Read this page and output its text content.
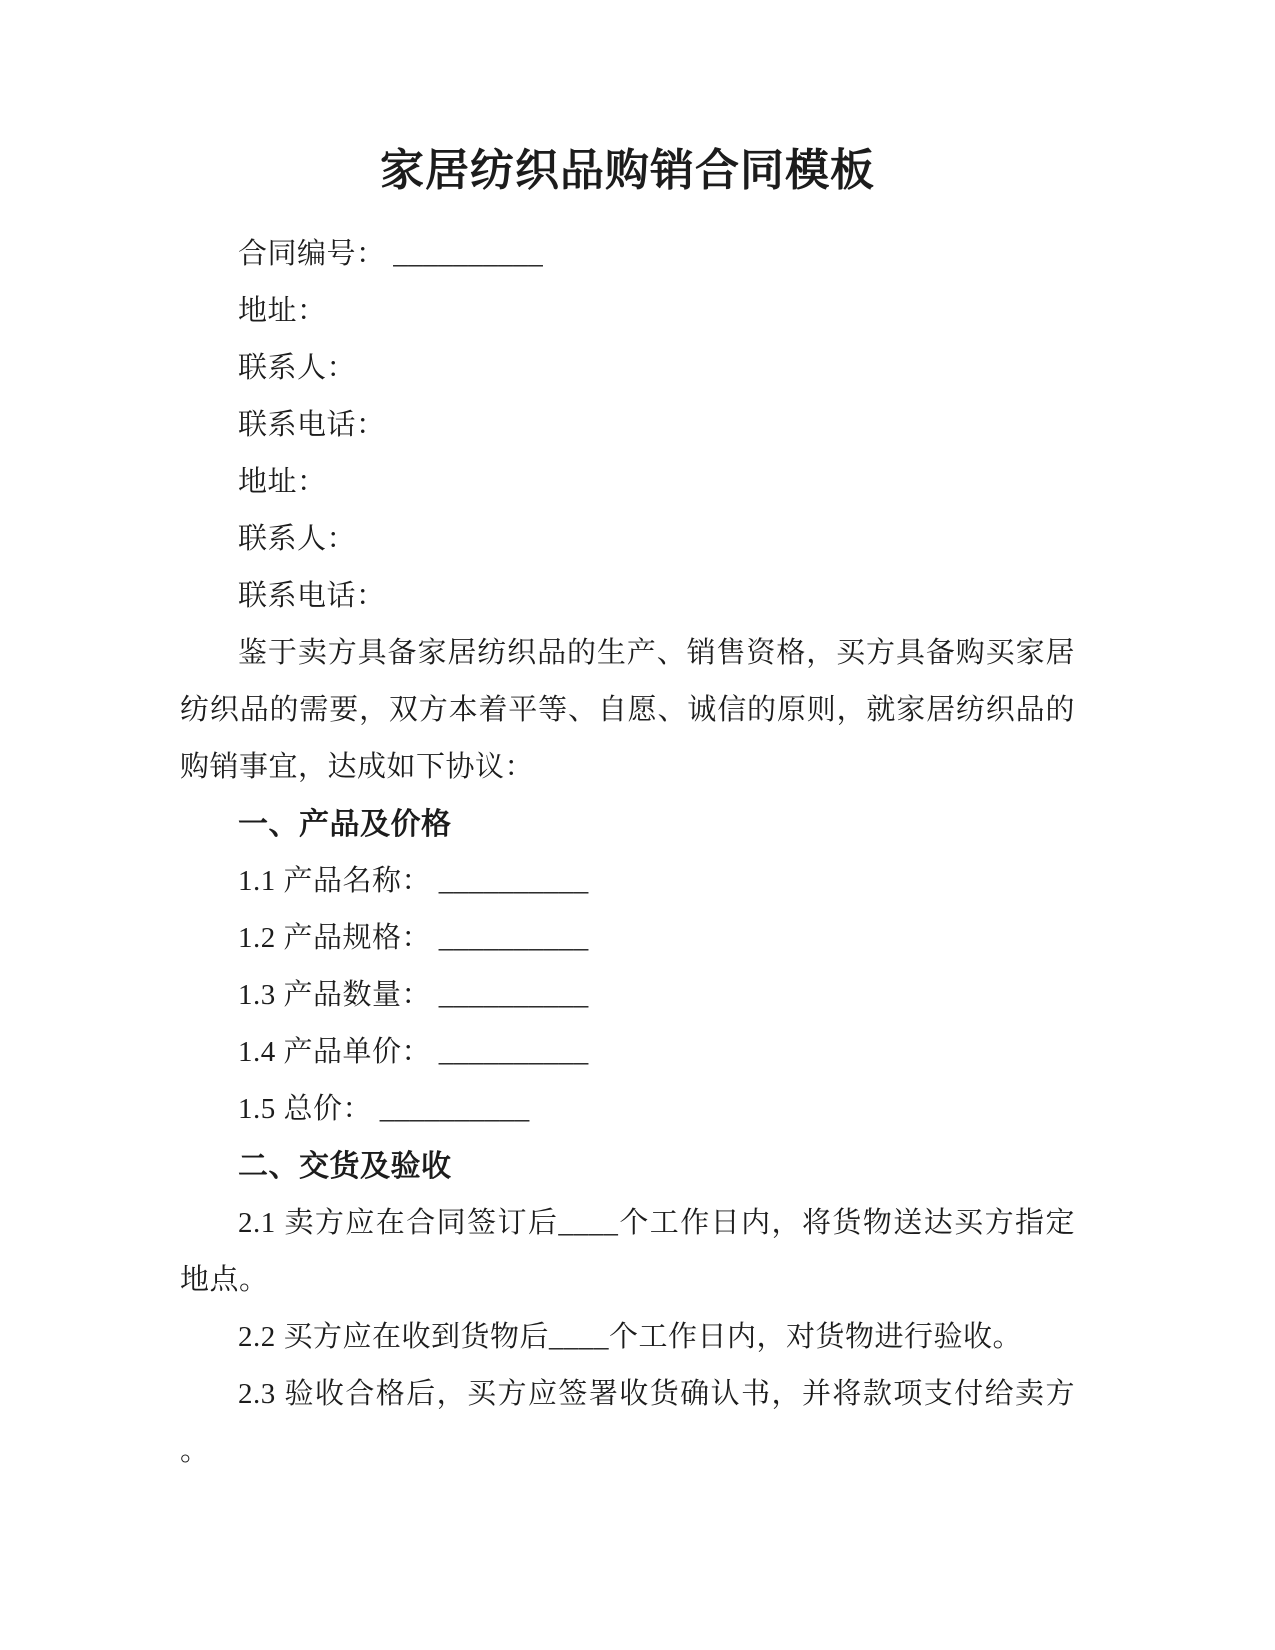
家居纺织品购销合同模板
合同编号： __________
地址：
联系人：
联系电话：
地址：
联系人：
联系电话：
鉴于卖方具备家居纺织品的生产、销售资格，买方具备购买家居
纺织品的需要，双方本着平等、自愿、诚信的原则，就家居纺织品的
购销事宜，达成如下协议：
一、产品及价格
1.1 产品名称： __________
1.2 产品规格： __________
1.3 产品数量： __________
1.4 产品单价： __________
1.5 总价： __________
二、交货及验收
2.1 卖方应在合同签订后____个工作日内，将货物送达买方指定
地点。
2.2 买方应在收到货物后____个工作日内，对货物进行验收。
2.3 验收合格后，买方应签署收货确认书，并将款项支付给卖方
。
